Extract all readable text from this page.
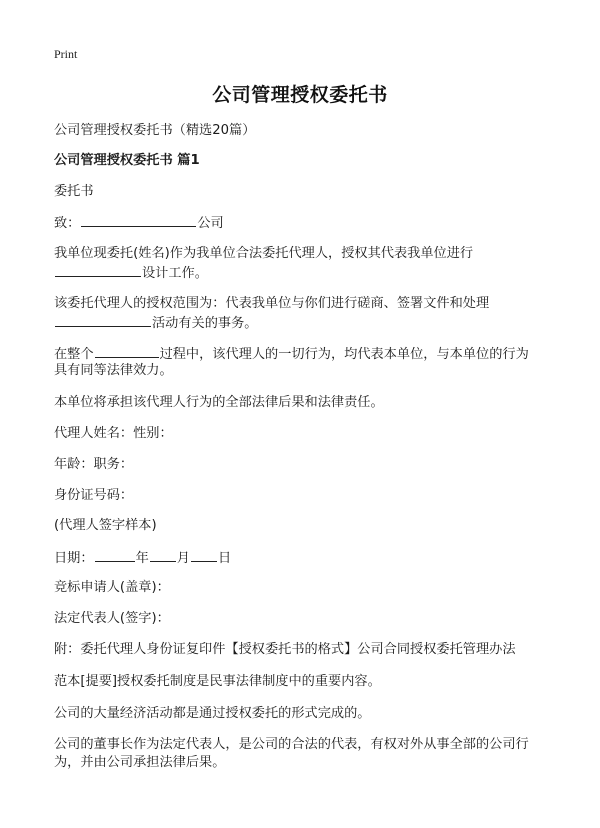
Print
公司管理授权委托书
公司管理授权委托书（精选20篇）
公司管理授权委托书 篇1
委托书
致：	公司
我单位现委托(姓名)作为我单位合法委托代理人，授权其代表我单位进行
设计工作。
该委托代理人的授权范围为：代表我单位与你们进行磋商、签署文件和处理
活动有关的事务。
在整个	过程中，该代理人的一切行为，均代表本单位，与本单位的行为
具有同等法律效力。
本单位将承担该代理人行为的全部法律后果和法律责任。
代理人姓名：性别：
年龄：职务：
身份证号码：
(代理人签字样本)
日期：	年 月 日
竞标申请人(盖章)：
法定代表人(签字)：
附：委托代理人身份证复印件【授权委托书的格式】公司合同授权委托管理办法
范本[提要]授权委托制度是民事法律制度中的重要内容。
公司的大量经济活动都是通过授权委托的形式完成的。
公司的董事长作为法定代表人，是公司的合法的代表，有权对外从事全部的公司行
为，并由公司承担法律后果。
